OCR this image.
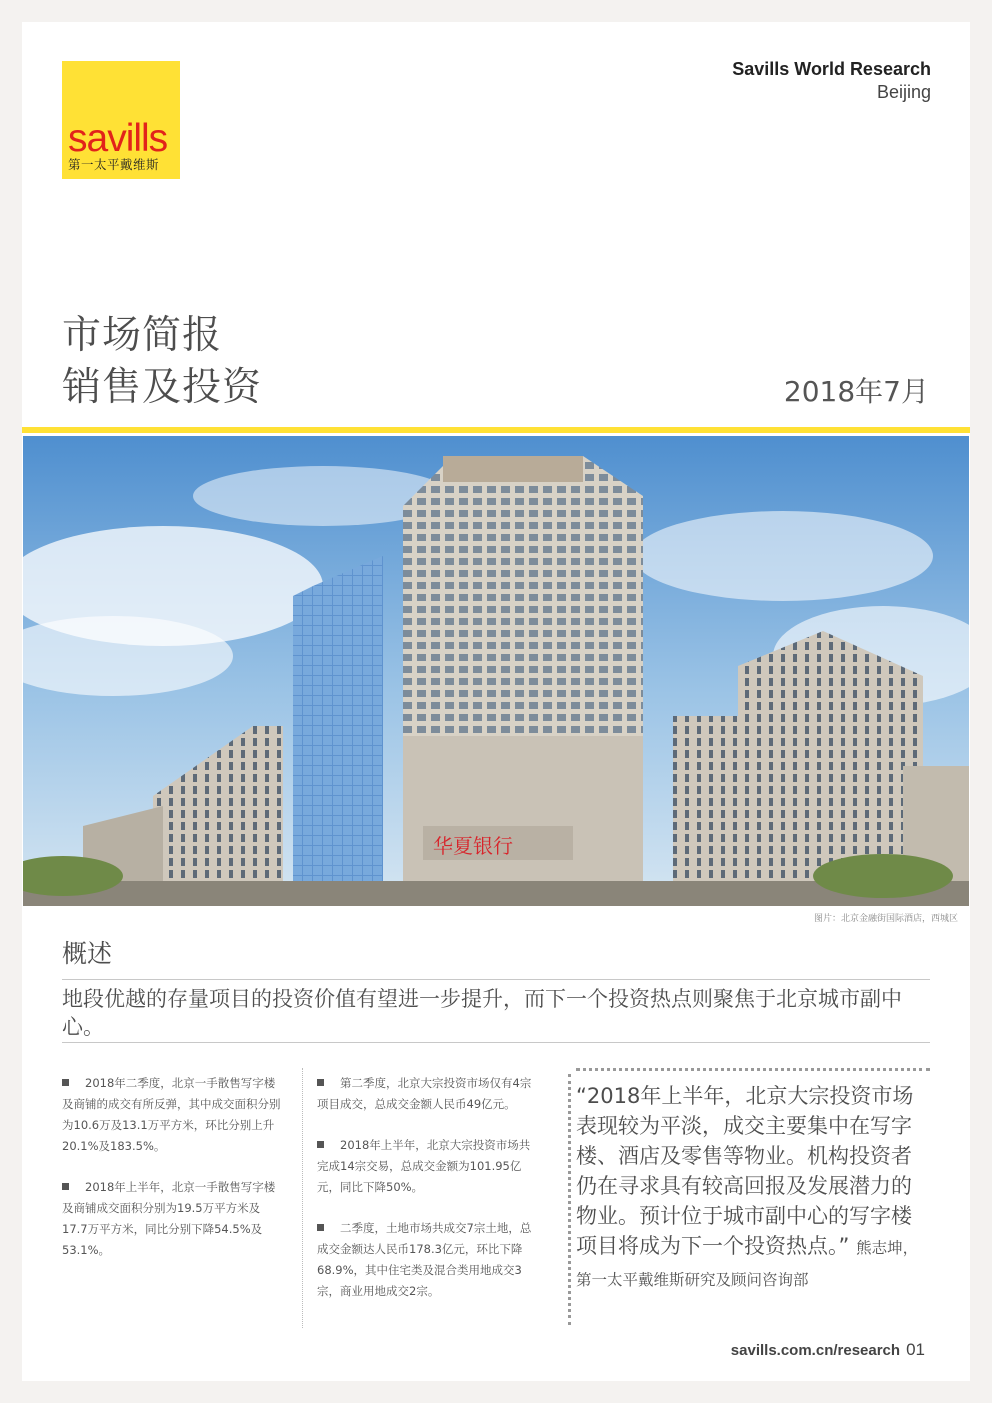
savills
第一太平戴维斯
Savills World Research
Beijing
市场简报
销售及投资	2018年7月
华夏银行
图片：北京金融街国际酒店，西城区
概述
地段优越的存量项目的投资价值有望进一步提升，而下一个投资热点则聚焦于北京城市副中心。

2018年二季度，北京一手散售写字楼及商铺的成交有所反弹，其中成交面积分别为10.6万及13.1万平方米，环比分别上升20.1%及183.5%。

2018年上半年，北京一手散售写字楼及商铺成交面积分别为19.5万平方米及17.7万平方米，同比分别下降54.5%及53.1%。

第二季度，北京大宗投资市场仅有4宗项目成交，总成交金额人民币49亿元。

2018年上半年，北京大宗投资市场共完成14宗交易，总成交金额为101.95亿元，同比下降50%。

二季度，土地市场共成交7宗土地，总成交金额达人民币178.3亿元，环比下降68.9%，其中住宅类及混合类用地成交3宗，商业用地成交2宗。

“2018年上半年，北京大宗投资市场表现较为平淡，成交主要集中在写字楼、酒店及零售等物业。机构投资者仍在寻求具有较高回报及发展潜力的物业。预计位于城市副中心的写字楼项目将成为下一个投资热点。” 熊志坤，第一太平戴维斯研究及顾问咨询部

savills.com.cn/research 01
